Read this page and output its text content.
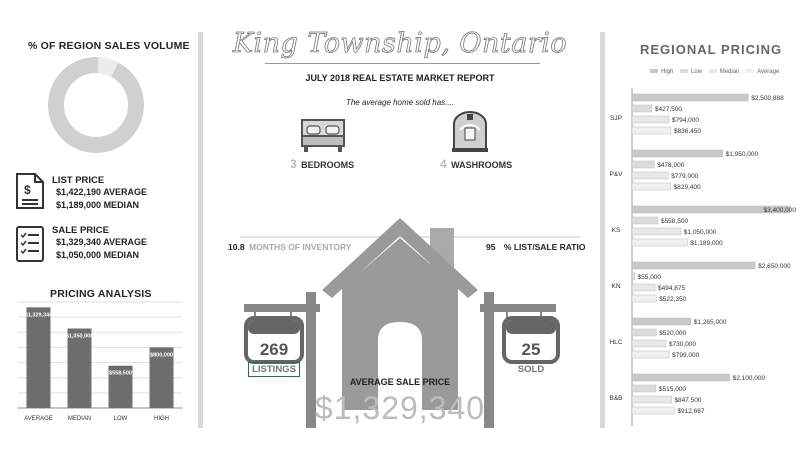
% OF REGION SALES VOLUME
$
LIST PRICE
$1,422,190 AVERAGE
$1,189,000 MEDIAN
SALE PRICE
$1,329,340 AVERAGE
$1,050,000 MEDIAN
PRICING ANALYSIS
$1,329,340
AVERAGE
$1,050,000
MEDIAN
$558,500
LOW
$800,000
HIGH
King Township, Ontario
JULY 2018 REAL ESTATE MARKET REPORT
The average home sold has....
3 BEDROOMS	4 WASHROOMS
10.8 MONTHS OF INVENTORY	95 % LIST/SALE RATIO
269
LISTINGS
25
SOLD
AVERAGE SALE PRICE
$1,329,340
REGIONAL PRICING
High	Low	Median	Average
SJP
$2,500,888
$427,500
$794,000
$836,450
P&V
$1,950,000
$478,000
$779,000
$829,400
KS
$3,400,000
$558,500
$1,050,000
$1,189,000
KN
$2,650,000
$55,000
$494,875
$522,350
HLC
$1,265,000
$520,000
$730,000
$799,000
B&B
$2,100,000
$515,000
$847,500
$912,667
